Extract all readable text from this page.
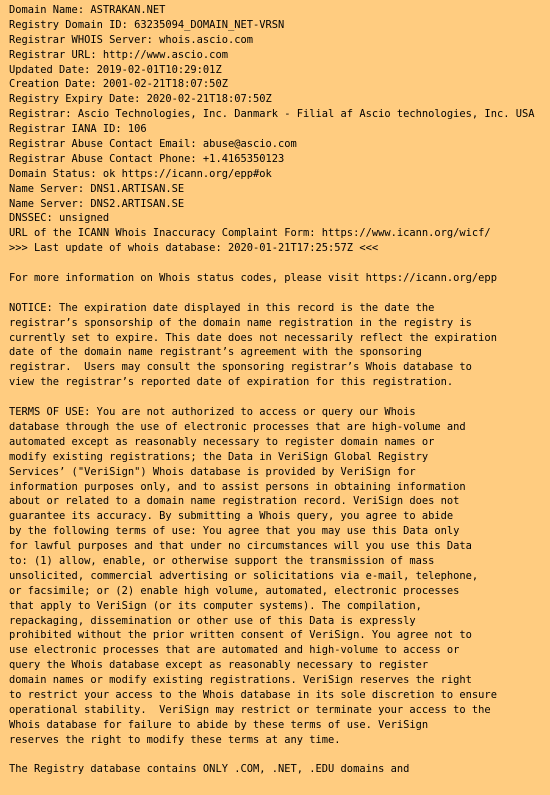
Domain Name: ASTRAKAN.NET
Registry Domain ID: 63235094_DOMAIN_NET-VRSN
Registrar WHOIS Server: whois.ascio.com
Registrar URL: http://www.ascio.com
Updated Date: 2019-02-01T10:29:01Z
Creation Date: 2001-02-21T18:07:50Z
Registry Expiry Date: 2020-02-21T18:07:50Z
Registrar: Ascio Technologies, Inc. Danmark - Filial af Ascio technologies, Inc. USA
Registrar IANA ID: 106
Registrar Abuse Contact Email: abuse@ascio.com
Registrar Abuse Contact Phone: +1.4165350123
Domain Status: ok https://icann.org/epp#ok
Name Server: DNS1.ARTISAN.SE
Name Server: DNS2.ARTISAN.SE
DNSSEC: unsigned
URL of the ICANN Whois Inaccuracy Complaint Form: https://www.icann.org/wicf/
>>> Last update of whois database: 2020-01-21T17:25:57Z <<<
For more information on Whois status codes, please visit https://icann.org/epp
NOTICE: The expiration date displayed in this record is the date the
registrar’s sponsorship of the domain name registration in the registry is
currently set to expire. This date does not necessarily reflect the expiration
date of the domain name registrant’s agreement with the sponsoring
registrar.  Users may consult the sponsoring registrar’s Whois database to
view the registrar’s reported date of expiration for this registration.
TERMS OF USE: You are not authorized to access or query our Whois
database through the use of electronic processes that are high-volume and
automated except as reasonably necessary to register domain names or
modify existing registrations; the Data in VeriSign Global Registry
Services’ ("VeriSign") Whois database is provided by VeriSign for
information purposes only, and to assist persons in obtaining information
about or related to a domain name registration record. VeriSign does not
guarantee its accuracy. By submitting a Whois query, you agree to abide
by the following terms of use: You agree that you may use this Data only
for lawful purposes and that under no circumstances will you use this Data
to: (1) allow, enable, or otherwise support the transmission of mass
unsolicited, commercial advertising or solicitations via e-mail, telephone,
or facsimile; or (2) enable high volume, automated, electronic processes
that apply to VeriSign (or its computer systems). The compilation,
repackaging, dissemination or other use of this Data is expressly
prohibited without the prior written consent of VeriSign. You agree not to
use electronic processes that are automated and high-volume to access or
query the Whois database except as reasonably necessary to register
domain names or modify existing registrations. VeriSign reserves the right
to restrict your access to the Whois database in its sole discretion to ensure
operational stability.  VeriSign may restrict or terminate your access to the
Whois database for failure to abide by these terms of use. VeriSign
reserves the right to modify these terms at any time.
The Registry database contains ONLY .COM, .NET, .EDU domains and
